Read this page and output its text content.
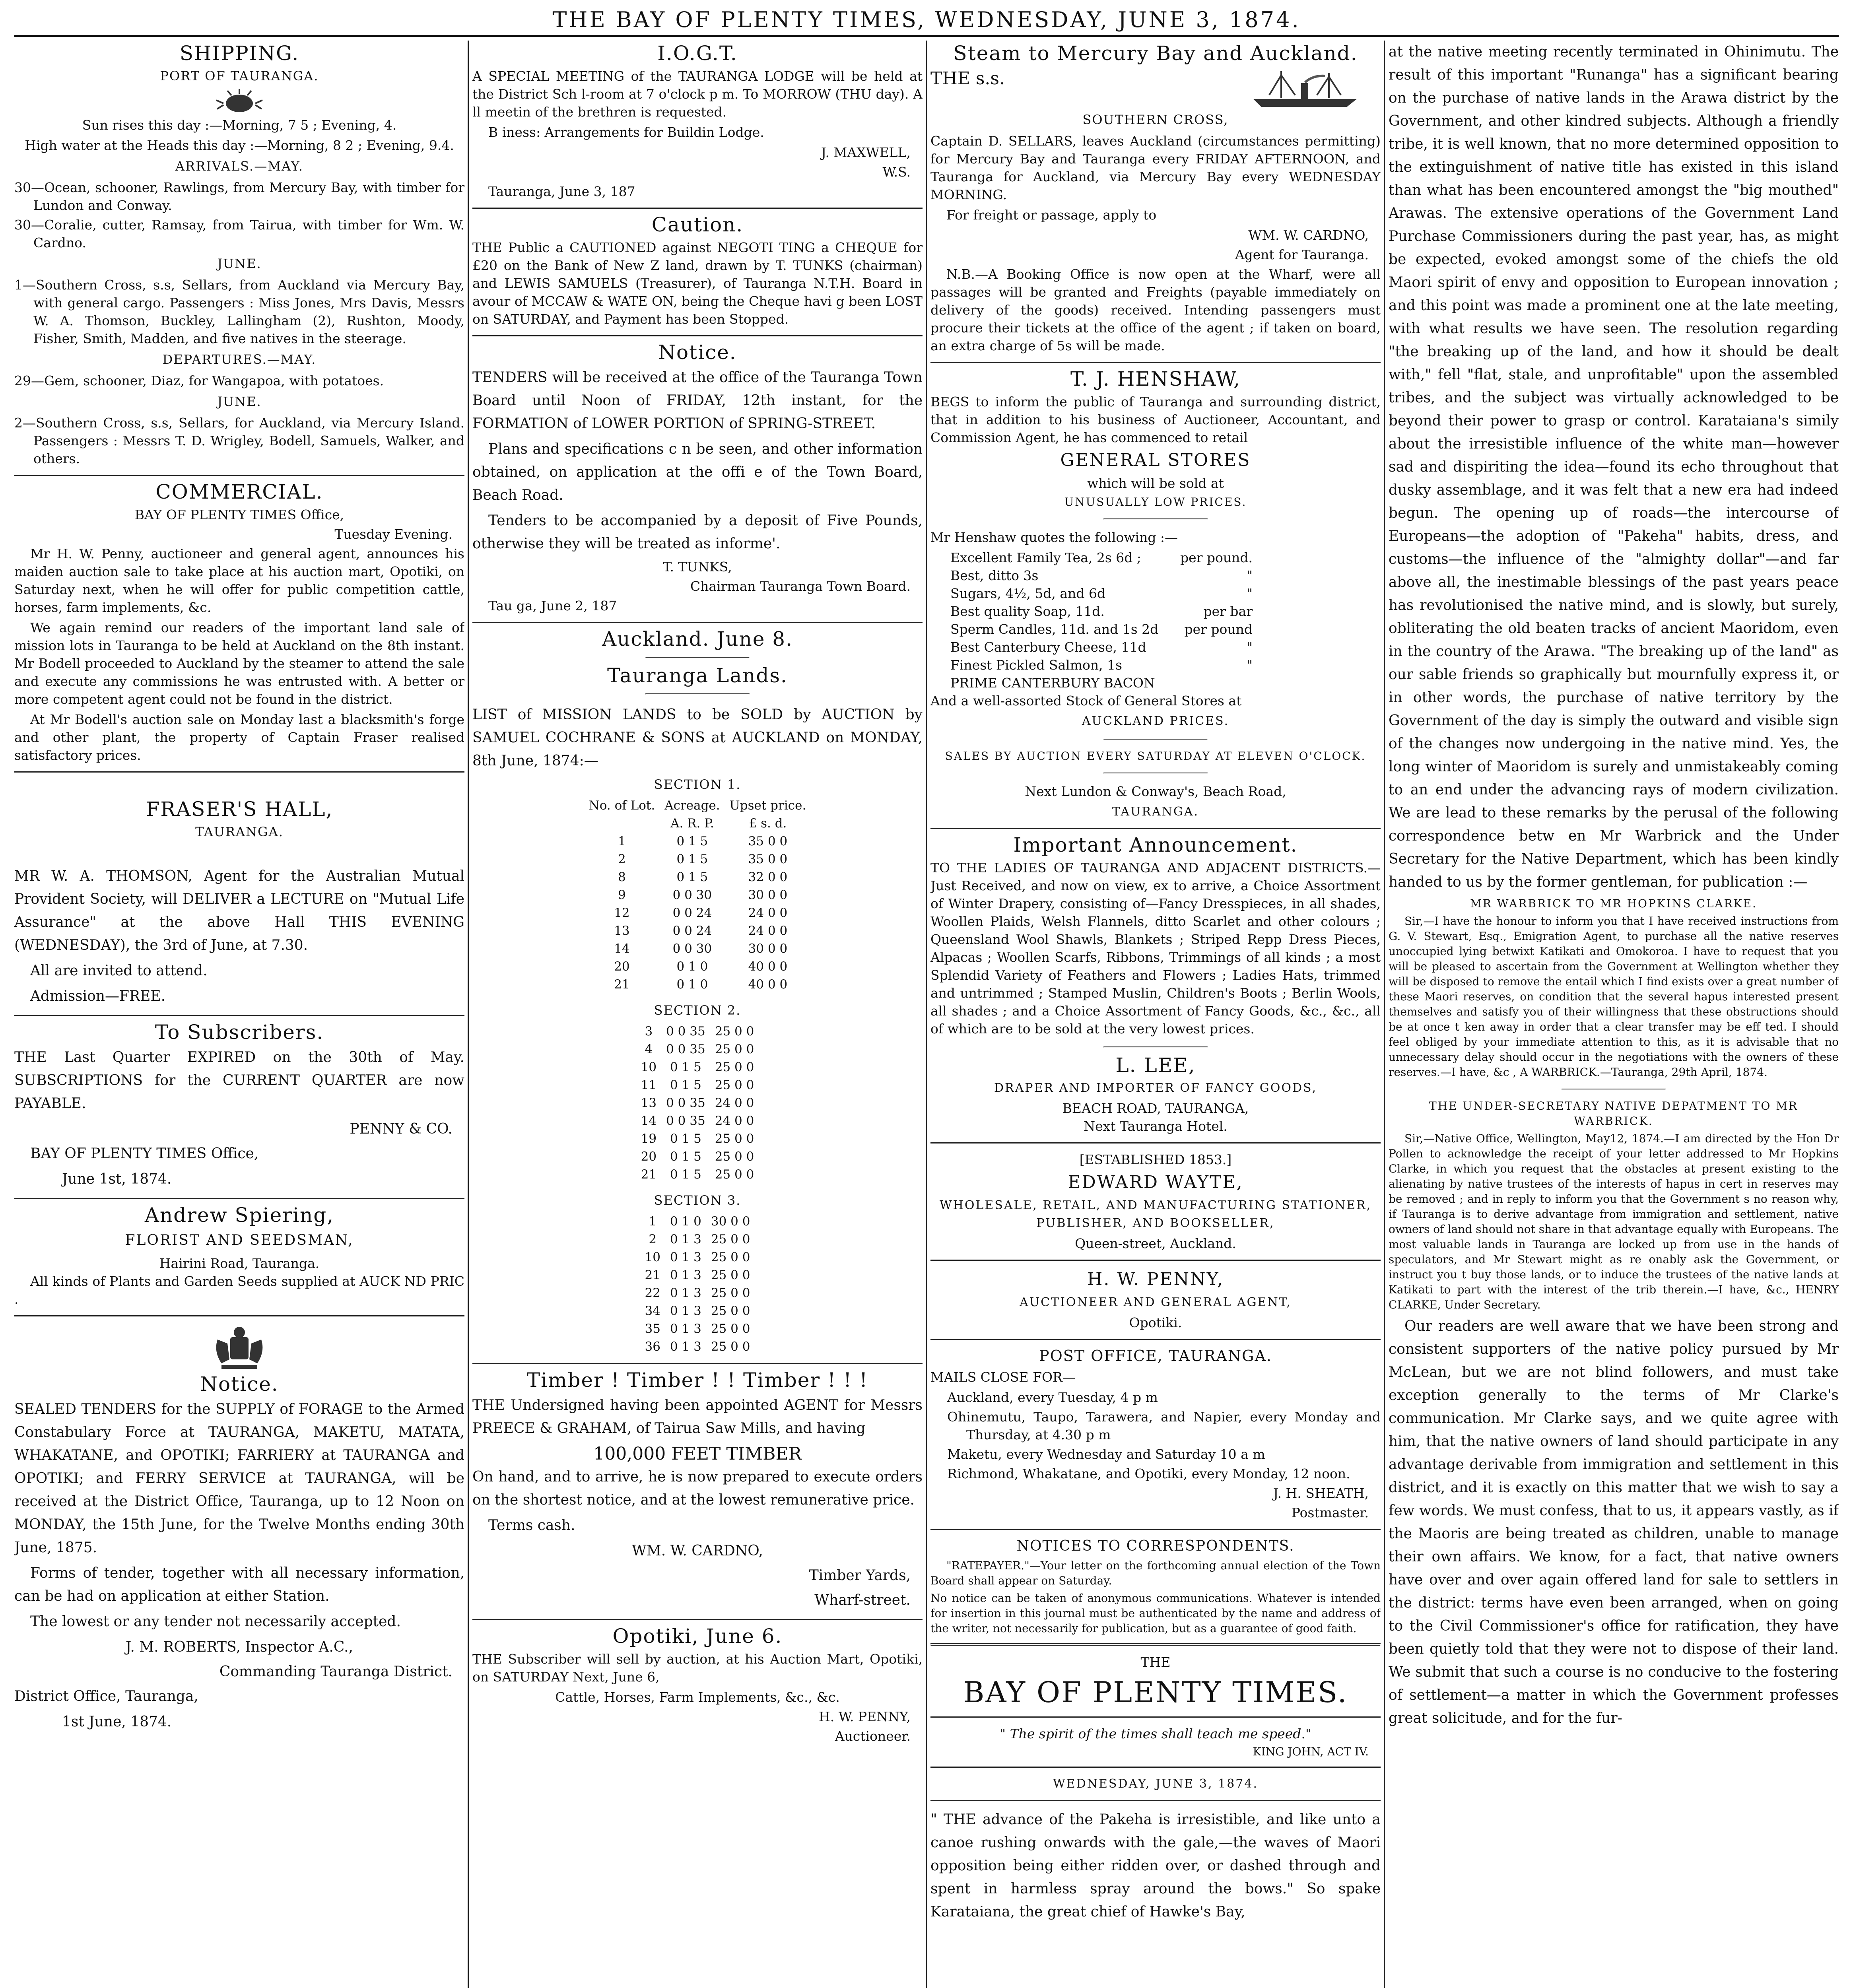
THE BAY OF PLENTY TIMES, WEDNESDAY, JUNE 3, 1874.
SHIPPING.
PORT OF TAURANGA.

Sun rises this day :—Morning, 7 5 ; Evening, 4.

High water at the Heads this day :—Morning, 8 2 ; Evening, 9.4.

ARRIVALS.—MAY.

30—Ocean, schooner, Rawlings, from Mercury Bay, with timber for Lundon and Conway.

30—Coralie, cutter, Ramsay, from Tairua, with timber for Wm. W. Cardno.

JUNE.

1—Southern Cross, s.s, Sellars, from Auckland via Mercury Bay, with general cargo. Passengers : Miss Jones, Mrs Davis, Messrs W. A. Thomson, Buckley, Lallingham (2), Rushton, Moody, Fisher, Smith, Madden, and five natives in the steerage.

DEPARTURES.—MAY.

29—Gem, schooner, Diaz, for Wangapoa, with potatoes.

JUNE.

2—Southern Cross, s.s, Sellars, for Auckland, via Mercury Island. Passengers : Messrs T. D. Wrigley, Bodell, Samuels, Walker, and others.

COMMERCIAL.
BAY OF PLENTY TIMES Office,
Tuesday Evening.

Mr H. W. Penny, auctioneer and general agent, announces his maiden auction sale to take place at his auction mart, Opotiki, on Saturday next, when he will offer for public competition cattle, horses, farm implements, &c.

We again remind our readers of the important land sale of mission lots in Tauranga to be held at Auckland on the 8th instant. Mr Bodell proceeded to Auckland by the steamer to attend the sale and execute any commissions he was entrusted with. A better or more competent agent could not be found in the district.

At Mr Bodell's auction sale on Monday last a blacksmith's forge and other plant, the property of Captain Fraser realised satisfactory prices.

FRASER'S HALL,
TAURANGA.

MR W. A. THOMSON, Agent for the Australian Mutual Provident Society, will DELIVER a LECTURE on "Mutual Life Assurance" at the above Hall THIS EVENING (WEDNESDAY), the 3rd of June, at 7.30.

All are invited to attend.

Admission—FREE.

To Subscribers.

THE Last Quarter EXPIRED on the 30th of May. SUBSCRIPTIONS for the CURRENT QUARTER are now PAYABLE.

PENNY & CO.

BAY OF PLENTY TIMES Office,

June 1st, 1874.

Andrew Spiering,
FLORIST AND SEEDSMAN,
Hairini Road, Tauranga.

All kinds of Plants and Garden Seeds supplied at AUCK ND PRIC .

Notice.

SEALED TENDERS for the SUPPLY of FORAGE to the Armed Constabulary Force at TAURANGA, MAKETU, MATATA, WHAKATANE, and OPOTIKI; FARRIERY at TAURANGA and OPOTIKI; and FERRY SERVICE at TAURANGA, will be received at the District Office, Tauranga, up to 12 Noon on MONDAY, the 15th June, for the Twelve Months ending 30th June, 1875.

Forms of tender, together with all necessary information, can be had on application at either Station.

The lowest or any tender not necessarily accepted.

J. M. ROBERTS, Inspector A.C.,
Commanding Tauranga District.

District Office, Tauranga,

1st June, 1874.

I.O.G.T.

A SPECIAL MEETING of the TAURANGA LODGE will be held at the District Sch l-room at 7 o'clock p m. To MORROW (THU day). A ll meetin of the brethren is requested.

B iness: Arrangements for Buildin Lodge.

J. MAXWELL,
W.S.

Tauranga, June 3, 187

Caution.

THE Public a CAUTIONED against NEGOTI TING a CHEQUE for £20 on the Bank of New Z land, drawn by T. TUNKS (chairman) and LEWIS SAMUELS (Treasurer), of Tauranga N.T.H. Board in avour of MCCAW & WATE ON, being the Cheque havi g been LOST on SATURDAY, and Payment has been Stopped.

Notice.

TENDERS will be received at the office of the Tauranga Town Board until Noon of FRIDAY, 12th instant, for the FORMATION of LOWER PORTION of SPRING-STREET.

Plans and specifications c n be seen, and other information obtained, on application at the offi e of the Town Board, Beach Road.

Tenders to be accompanied by a deposit of Five Pounds, otherwise they will be treated as informe'.

T. TUNKS,
Chairman Tauranga Town Board.

Tau ga, June 2, 187

Auckland. June 8.
Tauranga Lands.

LIST of MISSION LANDS to be SOLD by AUCTION by SAMUEL COCHRANE & SONS at AUCKLAND on MONDAY, 8th June, 1874:—

SECTION 1.
No. of Lot.	Acreage.	Upset price.
	A. R. P.	£ s. d.
1	0 1 5	35 0 0
2	0 1 5	35 0 0
8	0 1 5	32 0 0
9	0 0 30	30 0 0
12	0 0 24	24 0 0
13	0 0 24	24 0 0
14	0 0 30	30 0 0
20	0 1 0	40 0 0
21	0 1 0	40 0 0
SECTION 2.
3	0 0 35	25 0 0
4	0 0 35	25 0 0
10	0 1 5	25 0 0
11	0 1 5	25 0 0
13	0 0 35	24 0 0
14	0 0 35	24 0 0
19	0 1 5	25 0 0
20	0 1 5	25 0 0
21	0 1 5	25 0 0
SECTION 3.
1	0 1 0	30 0 0
2	0 1 3	25 0 0
10	0 1 3	25 0 0
21	0 1 3	25 0 0
22	0 1 3	25 0 0
34	0 1 3	25 0 0
35	0 1 3	25 0 0
36	0 1 3	25 0 0
Timber ! Timber ! ! Timber ! ! !

THE Undersigned having been appointed AGENT for Messrs PREECE & GRAHAM, of Tairua Saw Mills, and having

100,000 FEET TIMBER

On hand, and to arrive, he is now prepared to execute orders on the shortest notice, and at the lowest remunerative price.

Terms cash.

WM. W. CARDNO,
Timber Yards,
Wharf-street.
Opotiki, June 6.

THE Subscriber will sell by auction, at his Auction Mart, Opotiki, on SATURDAY Next, June 6,

Cattle, Horses, Farm Implements, &c., &c.
H. W. PENNY,
Auctioneer.
Steam to Mercury Bay and Auckland.
THE s.s.
SOUTHERN CROSS,

Captain D. SELLARS, leaves Auckland (circumstances permitting) for Mercury Bay and Tauranga every FRIDAY AFTERNOON, and Tauranga for Auckland, via Mercury Bay every WEDNESDAY MORNING.

For freight or passage, apply to

WM. W. CARDNO,
Agent for Tauranga.

N.B.—A Booking Office is now open at the Wharf, were all passages will be granted and Freights (payable immediately on delivery of the goods) received. Intending passengers must procure their tickets at the office of the agent ; if taken on board, an extra charge of 5s will be made.

T. J. HENSHAW,

BEGS to inform the public of Tauranga and surrounding district, that in addition to his business of Auctioneer, Accountant, and Commission Agent, he has commenced to retail

GENERAL STORES
which will be sold at
UNUSUALLY LOW PRICES.

Mr Henshaw quotes the following :—

Excellent Family Tea, 2s 6d ;	per pound.
Best, ditto 3s	"
Sugars, 4½, 5d, and 6d	"
Best quality Soap, 11d.	per bar
Sperm Candles, 11d. and 1s 2d per pound
Best Canterbury Cheese, 11d	"
Finest Pickled Salmon, 1s	"
PRIME CANTERBURY BACON

And a well-assorted Stock of General Stores at

AUCKLAND PRICES.
SALES BY AUCTION EVERY SATURDAY AT ELEVEN O'CLOCK.
Next Lundon & Conway's, Beach Road,
TAURANGA.
Important Announcement.

TO THE LADIES OF TAURANGA AND ADJACENT DISTRICTS.—Just Received, and now on view, ex to arrive, a Choice Assortment of Winter Drapery, consisting of—Fancy Dresspieces, in all shades, Woollen Plaids, Welsh Flannels, ditto Scarlet and other colours ; Queensland Wool Shawls, Blankets ; Striped Repp Dress Pieces, Alpacas ; Woollen Scarfs, Ribbons, Trimmings of all kinds ; a most Splendid Variety of Feathers and Flowers ; Ladies Hats, trimmed and untrimmed ; Stamped Muslin, Children's Boots ; Berlin Wools, all shades ; and a Choice Assortment of Fancy Goods, &c., &c., all of which are to be sold at the very lowest prices.

L. LEE,
DRAPER AND IMPORTER OF FANCY GOODS,
BEACH ROAD, TAURANGA,
Next Tauranga Hotel.
[ESTABLISHED 1853.]
EDWARD WAYTE,
WHOLESALE, RETAIL, AND MANUFACTURING STATIONER, PUBLISHER, AND BOOKSELLER,
Queen-street, Auckland.
H. W. PENNY,
AUCTIONEER AND GENERAL AGENT,
Opotiki.
POST OFFICE, TAURANGA.

MAILS CLOSE FOR—

Auckland, every Tuesday, 4 p m

Ohinemutu, Taupo, Tarawera, and Napier, every Monday and Thursday, at 4.30 p m

Maketu, every Wednesday and Saturday 10 a m

Richmond, Whakatane, and Opotiki, every Monday, 12 noon.

J. H. SHEATH,
Postmaster.
NOTICES TO CORRESPONDENTS.

"RATEPAYER."—Your letter on the forthcoming annual election of the Town Board shall appear on Saturday.

No notice can be taken of anonymous communications. Whatever is intended for insertion in this journal must be authenticated by the name and address of the writer, not necessarily for publication, but as a guarantee of good faith.

THE
BAY OF PLENTY TIMES.
" The spirit of the times shall teach me speed."
KING JOHN, ACT IV.
WEDNESDAY, JUNE 3, 1874.

" THE advance of the Pakeha is irresistible, and like unto a canoe rushing onwards with the gale,—the waves of Maori opposition being either ridden over, or dashed through and spent in harmless spray around the bows." So spake Karataiana, the great chief of Hawke's Bay,

at the native meeting recently terminated in Ohinimutu. The result of this important "Runanga" has a significant bearing on the purchase of native lands in the Arawa district by the Government, and other kindred subjects. Although a friendly tribe, it is well known, that no more determined opposition to the extinguishment of native title has existed in this island than what has been encountered amongst the "big mouthed" Arawas. The extensive operations of the Government Land Purchase Commissioners during the past year, has, as might be expected, evoked amongst some of the chiefs the old Maori spirit of envy and opposition to European innovation ; and this point was made a prominent one at the late meeting, with what results we have seen. The resolution regarding "the breaking up of the land, and how it should be dealt with," fell "flat, stale, and unprofitable" upon the assembled tribes, and the subject was virtually acknowledged to be beyond their power to grasp or control. Karataiana's simily about the irresistible influence of the white man—however sad and dispiriting the idea—found its echo throughout that dusky assemblage, and it was felt that a new era had indeed begun. The opening up of roads—the intercourse of Europeans—the adoption of "Pakeha" habits, dress, and customs—the influence of the "almighty dollar"—and far above all, the inestimable blessings of the past years peace has revolutionised the native mind, and is slowly, but surely, obliterating the old beaten tracks of ancient Maoridom, even in the country of the Arawa. "The breaking up of the land" as our sable friends so graphically but mournfully express it, or in other words, the purchase of native territory by the Government of the day is simply the outward and visible sign of the changes now undergoing in the native mind. Yes, the long winter of Maoridom is surely and unmistakeably coming to an end under the advancing rays of modern civilization. We are lead to these remarks by the perusal of the following correspondence betw en Mr Warbrick and the Under Secretary for the Native Department, which has been kindly handed to us by the former gentleman, for publication :—

MR WARBRICK TO MR HOPKINS CLARKE.

Sir,—I have the honour to inform you that I have received instructions from G. V. Stewart, Esq., Emigration Agent, to purchase all the native reserves unoccupied lying betwixt Katikati and Omokoroa. I have to request that you will be pleased to ascertain from the Government at Wellington whether they will be disposed to remove the entail which I find exists over a great number of these Maori reserves, on condition that the several hapus interested present themselves and satisfy you of their willingness that these obstructions should be at once t ken away in order that a clear transfer may be eff ted. I should feel obliged by your immediate attention to this, as it is advisable that no unnecessary delay should occur in the negotiations with the owners of these reserves.—I have, &c , A WARBRICK.—Tauranga, 29th April, 1874.

THE UNDER-SECRETARY NATIVE DEPATMENT TO MR WARBRICK.

Sir,—Native Office, Wellington, May12, 1874.—I am directed by the Hon Dr Pollen to acknowledge the receipt of your letter addressed to Mr Hopkins Clarke, in which you request that the obstacles at present existing to the alienating by native trustees of the interests of hapus in cert in reserves may be removed ; and in reply to inform you that the Government s no reason why, if Tauranga is to derive advantage from immigration and settlement, native owners of land should not share in that advantage equally with Europeans. The most valuable lands in Tauranga are locked up from use in the hands of speculators, and Mr Stewart might as re onably ask the Government, or instruct you t buy those lands, or to induce the trustees of the native lands at Katikati to part with the interest of the trib therein.—I have, &c., HENRY CLARKE, Under Secretary.

Our readers are well aware that we have been strong and consistent supporters of the native policy pursued by Mr McLean, but we are not blind followers, and must take exception generally to the terms of Mr Clarke's communication. Mr Clarke says, and we quite agree with him, that the native owners of land should participate in any advantage derivable from immigration and settlement in this district, and it is exactly on this matter that we wish to say a few words. We must confess, that to us, it appears vastly, as if the Maoris are being treated as children, unable to manage their own affairs. We know, for a fact, that native owners have over and over again offered land for sale to settlers in the district: terms have even been arranged, when on going to the Civil Commissioner's office for ratification, they have been quietly told that they were not to dispose of their land. We submit that such a course is no conducive to the fostering of settlement—a matter in which the Government professes great solicitude, and for the fur-
